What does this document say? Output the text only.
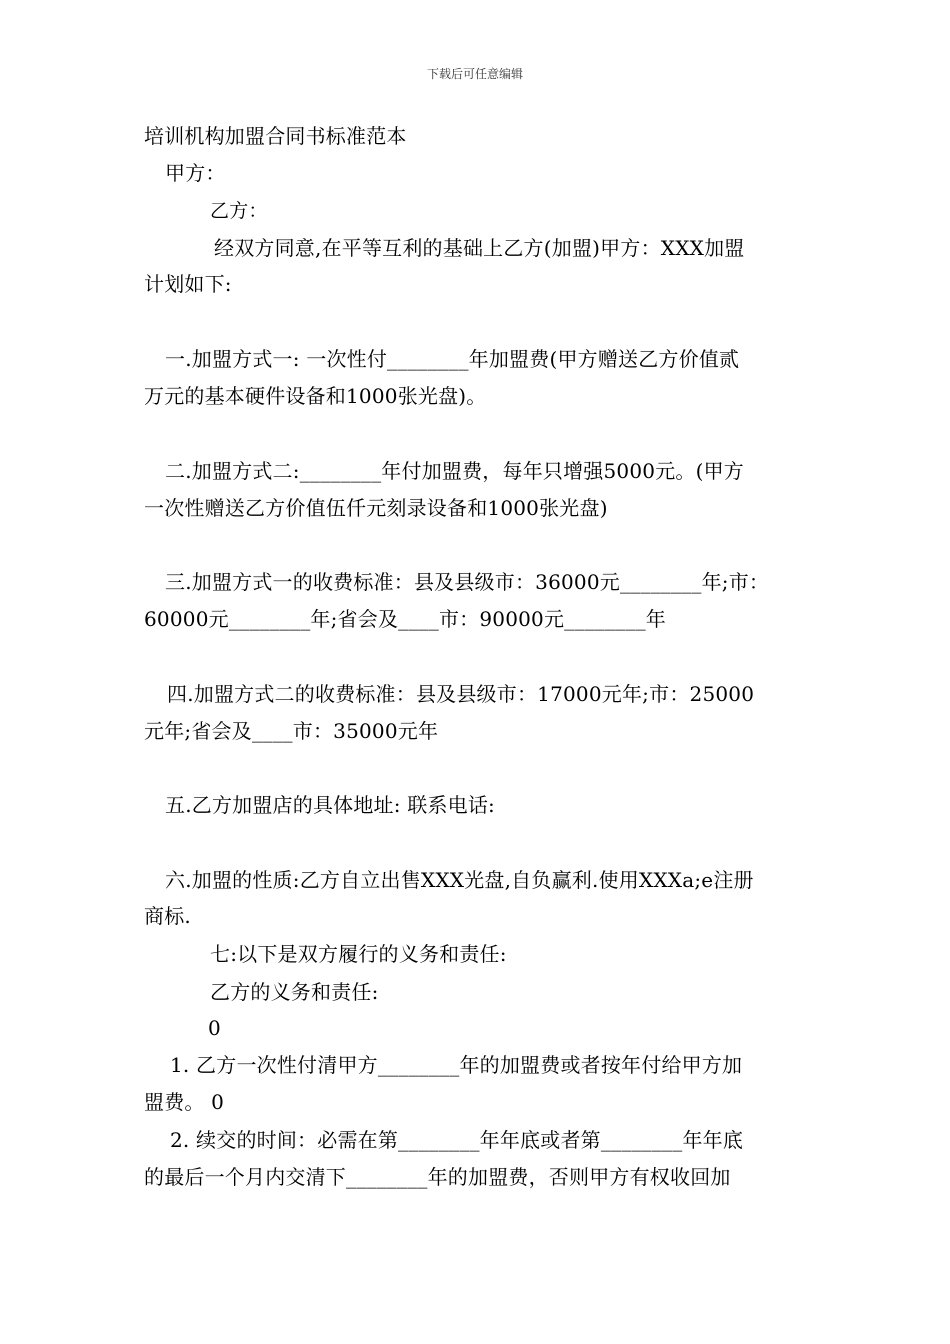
下载后可任意编辑
培训机构加盟合同书标准范本
甲方：
乙方：
经双方同意,在平等互利的基础上乙方(加盟)甲方：XXX加盟
计划如下:
一.加盟方式一: 一次性付________年加盟费(甲方赠送乙方价值贰
万元的基本硬件设备和1000张光盘)。
二.加盟方式二:________年付加盟费，每年只增强5000元。(甲方
一次性赠送乙方价值伍仟元刻录设备和1000张光盘)
三.加盟方式一的收费标准：县及县级市：36000元________年;市：
60000元________年;省会及____市：90000元________年
四.加盟方式二的收费标准：县及县级市：17000元年;市：25000
元年;省会及____市：35000元年
五.乙方加盟店的具体地址: 联系电话:
六.加盟的性质:乙方自立出售XXX光盘,自负赢利.使用XXXa;e注册
商标.
七:以下是双方履行的义务和责任:
乙方的义务和责任:
0
1. 乙方一次性付清甲方________年的加盟费或者按年付给甲方加
盟费。 0
2. 续交的时间：必需在第________年年底或者第________年年底
的最后一个月内交清下________年的加盟费，否则甲方有权收回加
